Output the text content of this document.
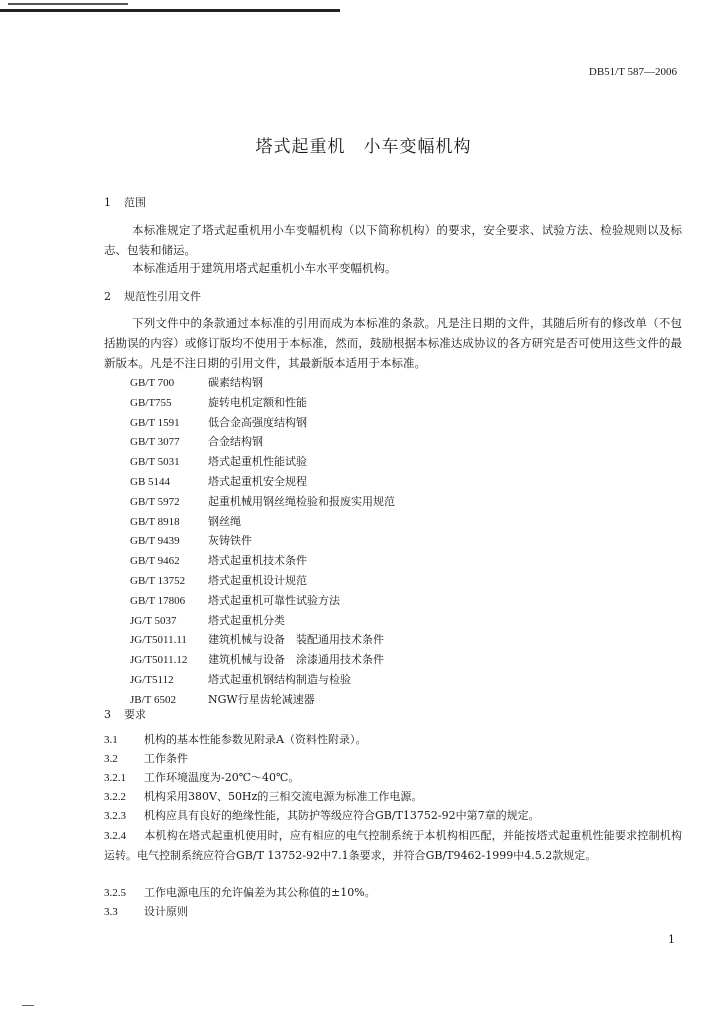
DB51/T 587—2006
塔式起重机　小车变幅机构
1 范围
本标准规定了塔式起重机用小车变幅机构（以下简称机构）的要求，安全要求、试验方法、检验规则以及标志、包装和储运。
本标准适用于建筑用塔式起重机小车水平变幅机构。
2 规范性引用文件
下列文件中的条款通过本标准的引用而成为本标准的条款。凡是注日期的文件，其随后所有的修改单（不包括勘误的内容）或修订版均不使用于本标准，然而，鼓励根据本标准达成协议的各方研究是否可使用这些文件的最新版本。凡是不注日期的引用文件，其最新版本适用于本标准。
GB/T 700	碳素结构钢
GB/T755	旋转电机定额和性能
GB/T 1591	低合金高强度结构钢
GB/T 3077	合金结构钢
GB/T 5031	塔式起重机性能试验
GB 5144	塔式起重机安全规程
GB/T 5972	起重机械用钢丝绳检验和报废实用规范
GB/T 8918	钢丝绳
GB/T 9439	灰铸铁件
GB/T 9462	塔式起重机技术条件
GB/T 13752 塔式起重机设计规范
GB/T 17806 塔式起重机可靠性试验方法
JG/T 5037	塔式起重机分类
JG/T5011.11 建筑机械与设备　装配通用技术条件
JG/T5011.12 建筑机械与设备　涂漆通用技术条件
JG/T5112	塔式起重机钢结构制造与检验
JB/T 6502	NGW行星齿轮减速器
3 要求
3.1 机构的基本性能参数见附录A（资料性附录）。
3.2 工作条件
3.2.1 工作环境温度为-20℃～40℃。
3.2.2 机构采用380V、50Hz的三相交流电源为标准工作电源。
3.2.3 机构应具有良好的绝缘性能，其防护等级应符合GB/T13752-92中第7章的规定。
3.2.4 本机构在塔式起重机使用时，应有相应的电气控制系统于本机构相匹配，并能按塔式起重机性能要求控制机构运转。电气控制系统应符合GB/T 13752-92中7.1条要求，并符合GB/T9462-1999中4.5.2款规定。
3.2.5 工作电源电压的允许偏差为其公称值的±10%。
3.3 设计原则
1
